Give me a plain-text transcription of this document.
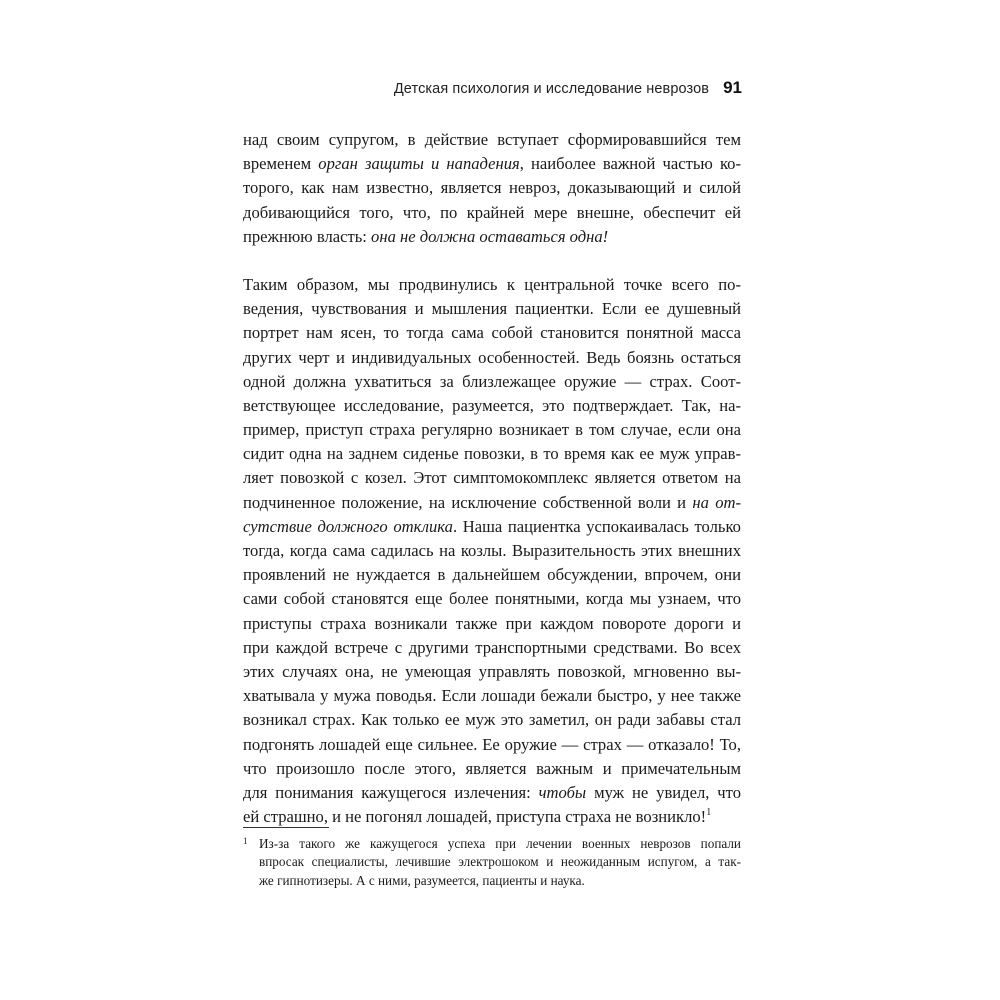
Детская психология и исследование неврозов 91
над своим супругом, в действие вступает сформировавшийся тем
временем орган защиты и нападения, наиболее важной частью ко-
торого, как нам известно, является невроз, доказывающий и силой
добивающийся того, что, по крайней мере внешне, обеспечит ей
прежнюю власть: она не должна оставаться одна!
Таким образом, мы продвинулись к центральной точке всего по-
ведения, чувствования и мышления пациентки. Если ее душевный
портрет нам ясен, то тогда сама собой становится понятной масса
других черт и индивидуальных особенностей. Ведь боязнь остаться
одной должна ухватиться за близлежащее оружие — страх. Соот-
ветствующее исследование, разумеется, это подтверждает. Так, на-
пример, приступ страха регулярно возникает в том случае, если она
сидит одна на заднем сиденье повозки, в то время как ее муж управ-
ляет повозкой с козел. Этот симптомокомплекс является ответом на
подчиненное положение, на исключение собственной воли и на от-
сутствие должного отклика. Наша пациентка успокаивалась только
тогда, когда сама садилась на козлы. Выразительность этих внешних
проявлений не нуждается в дальнейшем обсуждении, впрочем, они
сами собой становятся еще более понятными, когда мы узнаем, что
приступы страха возникали также при каждом повороте дороги и
при каждой встрече с другими транспортными средствами. Во всех
этих случаях она, не умеющая управлять повозкой, мгновенно вы-
хватывала у мужа поводья. Если лошади бежали быстро, у нее также
возникал страх. Как только ее муж это заметил, он ради забавы стал
подгонять лошадей еще сильнее. Ее оружие — страх — отказало! То,
что произошло после этого, является важным и примечательным
для понимания кажущегося излечения: чтобы муж не увидел, что
ей страшно, и не погонял лошадей, приступа страха не возникло!$^1$
1 Из-за такого же кажущегося успеха при лечении военных неврозов попали
впросак специалисты, лечившие электрошоком и неожиданным испугом, а так-
же гипнотизеры. А с ними, разумеется, пациенты и наука.
